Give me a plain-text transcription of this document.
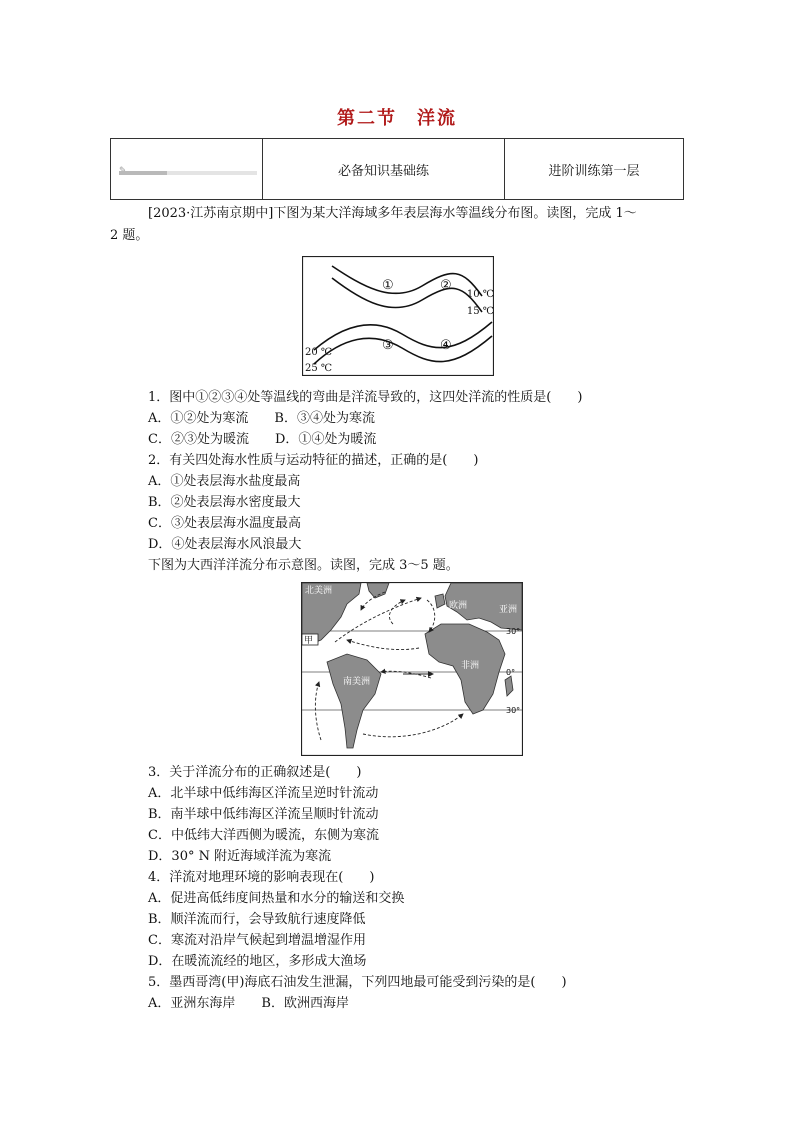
第二节　洋流
必备知识基础练	进阶训练第一层
[2023·江苏南京期中]下图为某大洋海域多年表层海水等温线分布图。读图，完成 1～
2 题。
①	②
③	④
10 ℃
15 ℃
20 ℃
25 ℃
1．图中①②③④处等温线的弯曲是洋流导致的，这四处洋流的性质是(　　)
A．①②处为寒流　　B．③④处为寒流
C．②③处为暖流　　D．①④处为暖流
2．有关四处海水性质与运动特征的描述，正确的是(　　)
A．①处表层海水盐度最高
B．②处表层海水密度最大
C．③处表层海水温度最高
D．④处表层海水风浪最大
下图为大西洋洋流分布示意图。读图，完成 3～5 题。
北美洲
欧洲	亚洲
非洲
南美洲
甲
30°
0°
30°
3．关于洋流分布的正确叙述是(　　)
A．北半球中低纬海区洋流呈逆时针流动
B．南半球中低纬海区洋流呈顺时针流动
C．中低纬大洋西侧为暖流，东侧为寒流
D．30° N 附近海域洋流为寒流
4．洋流对地理环境的影响表现在(　　)
A．促进高低纬度间热量和水分的输送和交换
B．顺洋流而行，会导致航行速度降低
C．寒流对沿岸气候起到增温增湿作用
D．在暖流流经的地区，多形成大渔场
5．墨西哥湾(甲)海底石油发生泄漏，下列四地最可能受到污染的是(　　)
A．亚洲东海岸　　B．欧洲西海岸
